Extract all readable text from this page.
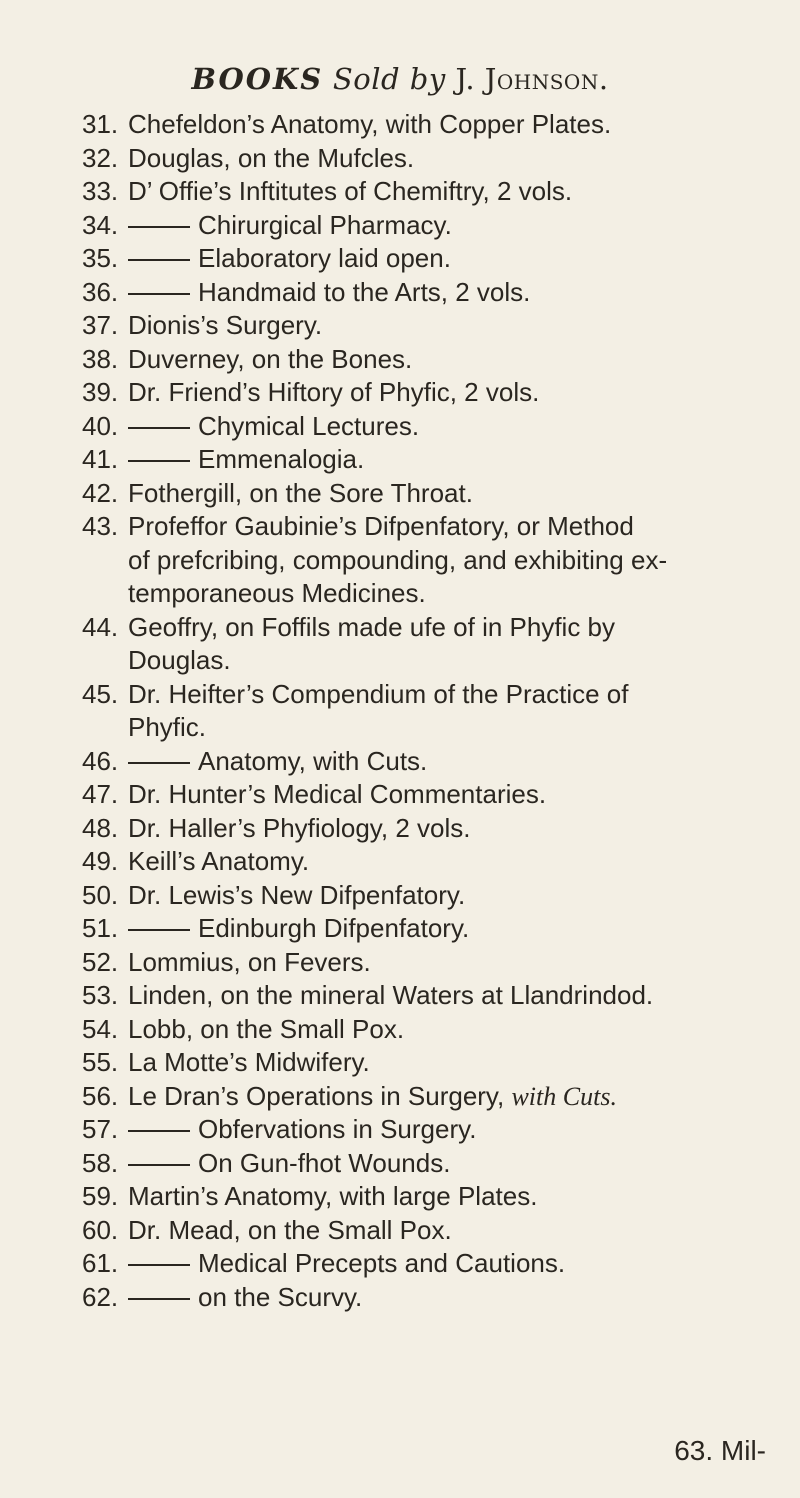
BOOKS Sold by J. Johnson.
31. Chefeldon’s Anatomy, with Copper Plates.
32. Douglas, on the Mufcles.
33. D’ Offie’s Inftitutes of Chemiftry, 2 vols.
34.	Chirurgical Pharmacy.
35.	Elaboratory laid open.
36.	Handmaid to the Arts, 2 vols.
37. Dionis’s Surgery.
38. Duverney, on the Bones.
39. Dr. Friend’s Hiftory of Phyfic, 2 vols.
40.	Chymical Lectures.
41.	Emmenalogia.
42. Fothergill, on the Sore Throat.
43. Profeffor Gaubinie’s Difpenfatory, or Method
of prefcribing, compounding, and exhibiting ex-
temporaneous Medicines.
44. Geoffry, on Foffils made ufe of in Phyfic by
Douglas.
45. Dr. Heifter’s Compendium of the Practice of
Phyfic.
46.	Anatomy, with Cuts.
47. Dr. Hunter’s Medical Commentaries.
48. Dr. Haller’s Phyfiology, 2 vols.
49. Keill’s Anatomy.
50. Dr. Lewis’s New Difpenfatory.
51.	Edinburgh Difpenfatory.
52. Lommius, on Fevers.
53. Linden, on the mineral Waters at Llandrindod.
54. Lobb, on the Small Pox.
55. La Motte’s Midwifery.
56. Le Dran’s Operations in Surgery, with Cuts.
57.	Obfervations in Surgery.
58.	On Gun-fhot Wounds.
59. Martin’s Anatomy, with large Plates.
60. Dr. Mead, on the Small Pox.
61.	Medical Precepts and Cautions.
62.	on the Scurvy.
63. Mil-
